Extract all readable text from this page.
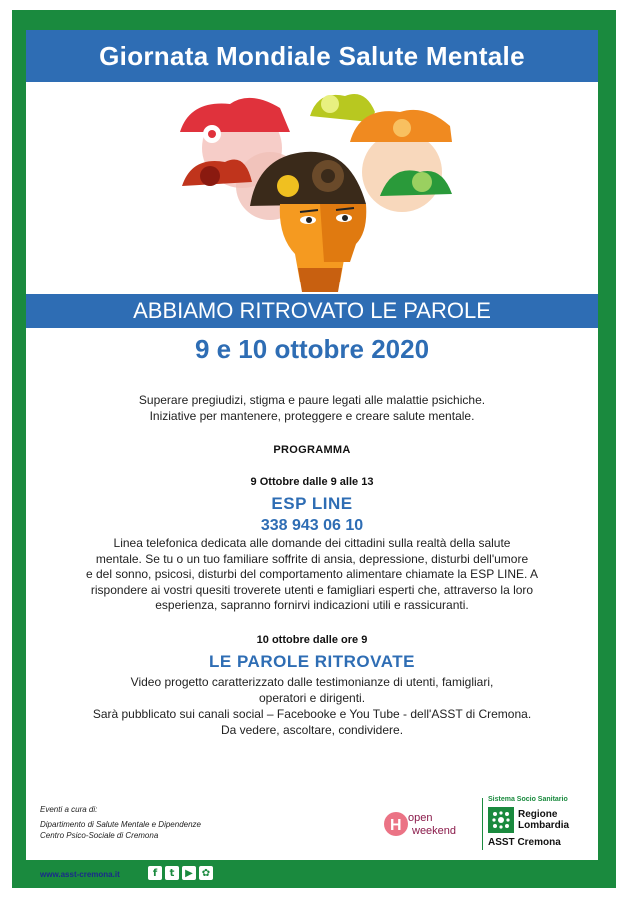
Giornata Mondiale Salute Mentale
ABBIAMO RITROVATO LE PAROLE
9 e 10 ottobre 2020
Superare pregiudizi, stigma e paure legati alle malattie psichiche.
Iniziative per mantenere, proteggere e creare salute mentale.
PROGRAMMA
9 Ottobre dalle 9 alle 13
ESP LINE
338 943 06 10
Linea telefonica dedicata alle domande dei cittadini sulla realtà della salute
mentale. Se tu o un tuo familiare soffrite di ansia, depressione, disturbi dell'umore
e del sonno, psicosi, disturbi del comportamento alimentare chiamate la ESP LINE. A
rispondere ai vostri quesiti troverete utenti e famigliari esperti che, attraverso la loro
esperienza, sapranno fornirvi indicazioni utili e rassicuranti.
10 ottobre dalle ore 9
LE PAROLE RITROVATE
Video progetto caratterizzato dalle testimonianze di utenti, famigliari,
operatori e dirigenti.
Sarà pubblicato sui canali social – Facebooke e You Tube - dell'ASST di Cremona.
Da vedere, ascoltare, condividere.
Eventi a cura di:
Dipartimento di Salute Mentale e Dipendenze
Centro Psico-Sociale di Cremona
H open
weekend
Sistema Socio Sanitario
Regione
Lombardia
ASST Cremona
www.asst-cremona.it	f	t	▶ ✿
